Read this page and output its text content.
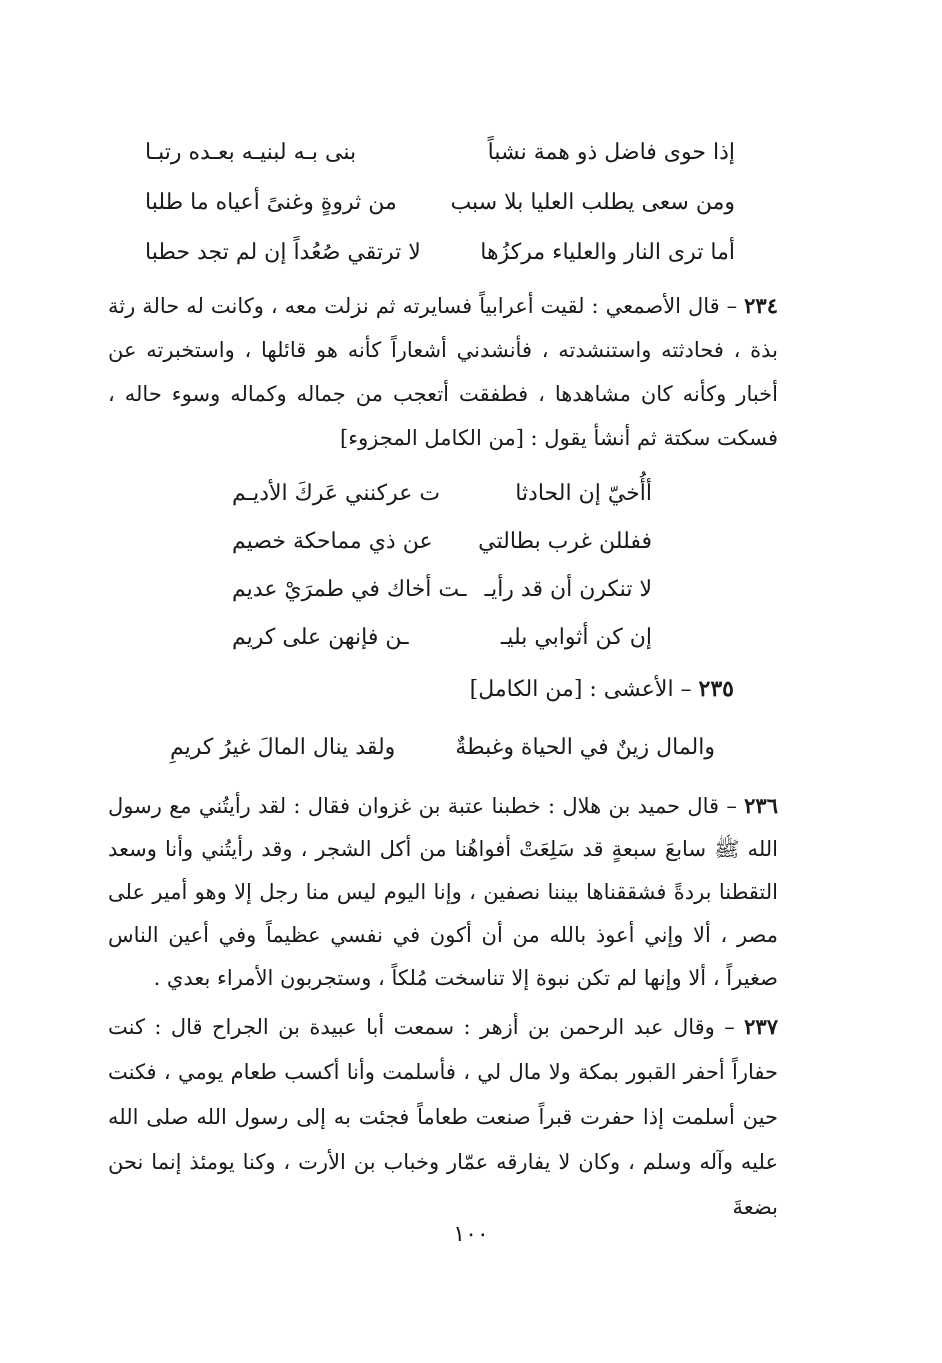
إذا حوى فاضل ذو همة نشباً
بنى بـه لبنيـه بعـده رتبـا
ومن سعى يطلب العليا بلا سبب
من ثروةٍ وغنىً أعياه ما طلبا
أما ترى النار والعلياء مركزُها
لا ترتقي صُعُداً إن لم تجد حطبا

٢٣٤ – قال الأصمعي : لقيت أعرابياً فسايرته ثم نزلت معه ، وكانت له حالة رثة بذة ، فحادثته واستنشدته ، فأنشدني أشعاراً كأنه هو قائلها ، واستخبرته عن أخبار وكأنه كان مشاهدها ، فطفقت أتعجب من جماله وكماله وسوء حاله ، فسكت سكتة ثم أنشأ يقول : [من الكامل المجزوء]

أأُخيّ إن الحادثا
ت عركنني عَركَ الأديـم
ففللن غرب بطالتي
عن ذي مماحكة خصيم
لا تنكرن أن قد رأيـ
ـت أخاك في طمرَيْ عديم
إن كن أثوابي بليـ
ـن فإنهن على كريم
٢٣٥ – الأعشى : [من الكامل]
والمال زينٌ في الحياة وغبطةٌ
ولقد ينال المالَ غيرُ كريمِ

٢٣٦ – قال حميد بن هلال : خطبنا عتبة بن غزوان فقال : لقد رأيتُني مع رسول الله ﷺ سابعَ سبعةٍ قد سَلِعَتْ أفواهُنا من أكل الشجر ، وقد رأيتُني وأنا وسعد التقطنا بردةً فشققناها بيننا نصفين ، وإنا اليوم ليس منا رجل إلا وهو أمير على مصر ، ألا وإني أعوذ بالله من أن أكون في نفسي عظيماً وفي أعين الناس صغيراً ، ألا وإنها لم تكن نبوة إلا تناسخت مُلكاً ، وستجربون الأمراء بعدي .

٢٣٧ – وقال عبد الرحمن بن أزهر : سمعت أبا عبيدة بن الجراح قال : كنت حفاراً أحفر القبور بمكة ولا مال لي ، فأسلمت وأنا أكسب طعام يومي ، فكنت حين أسلمت إذا حفرت قبراً صنعت طعاماً فجئت به إلى رسول الله صلى الله عليه وآله وسلم ، وكان لا يفارقه عمّار وخباب بن الأرت ، وكنا يومئذ إنما نحن بضعةَ

١٠٠
